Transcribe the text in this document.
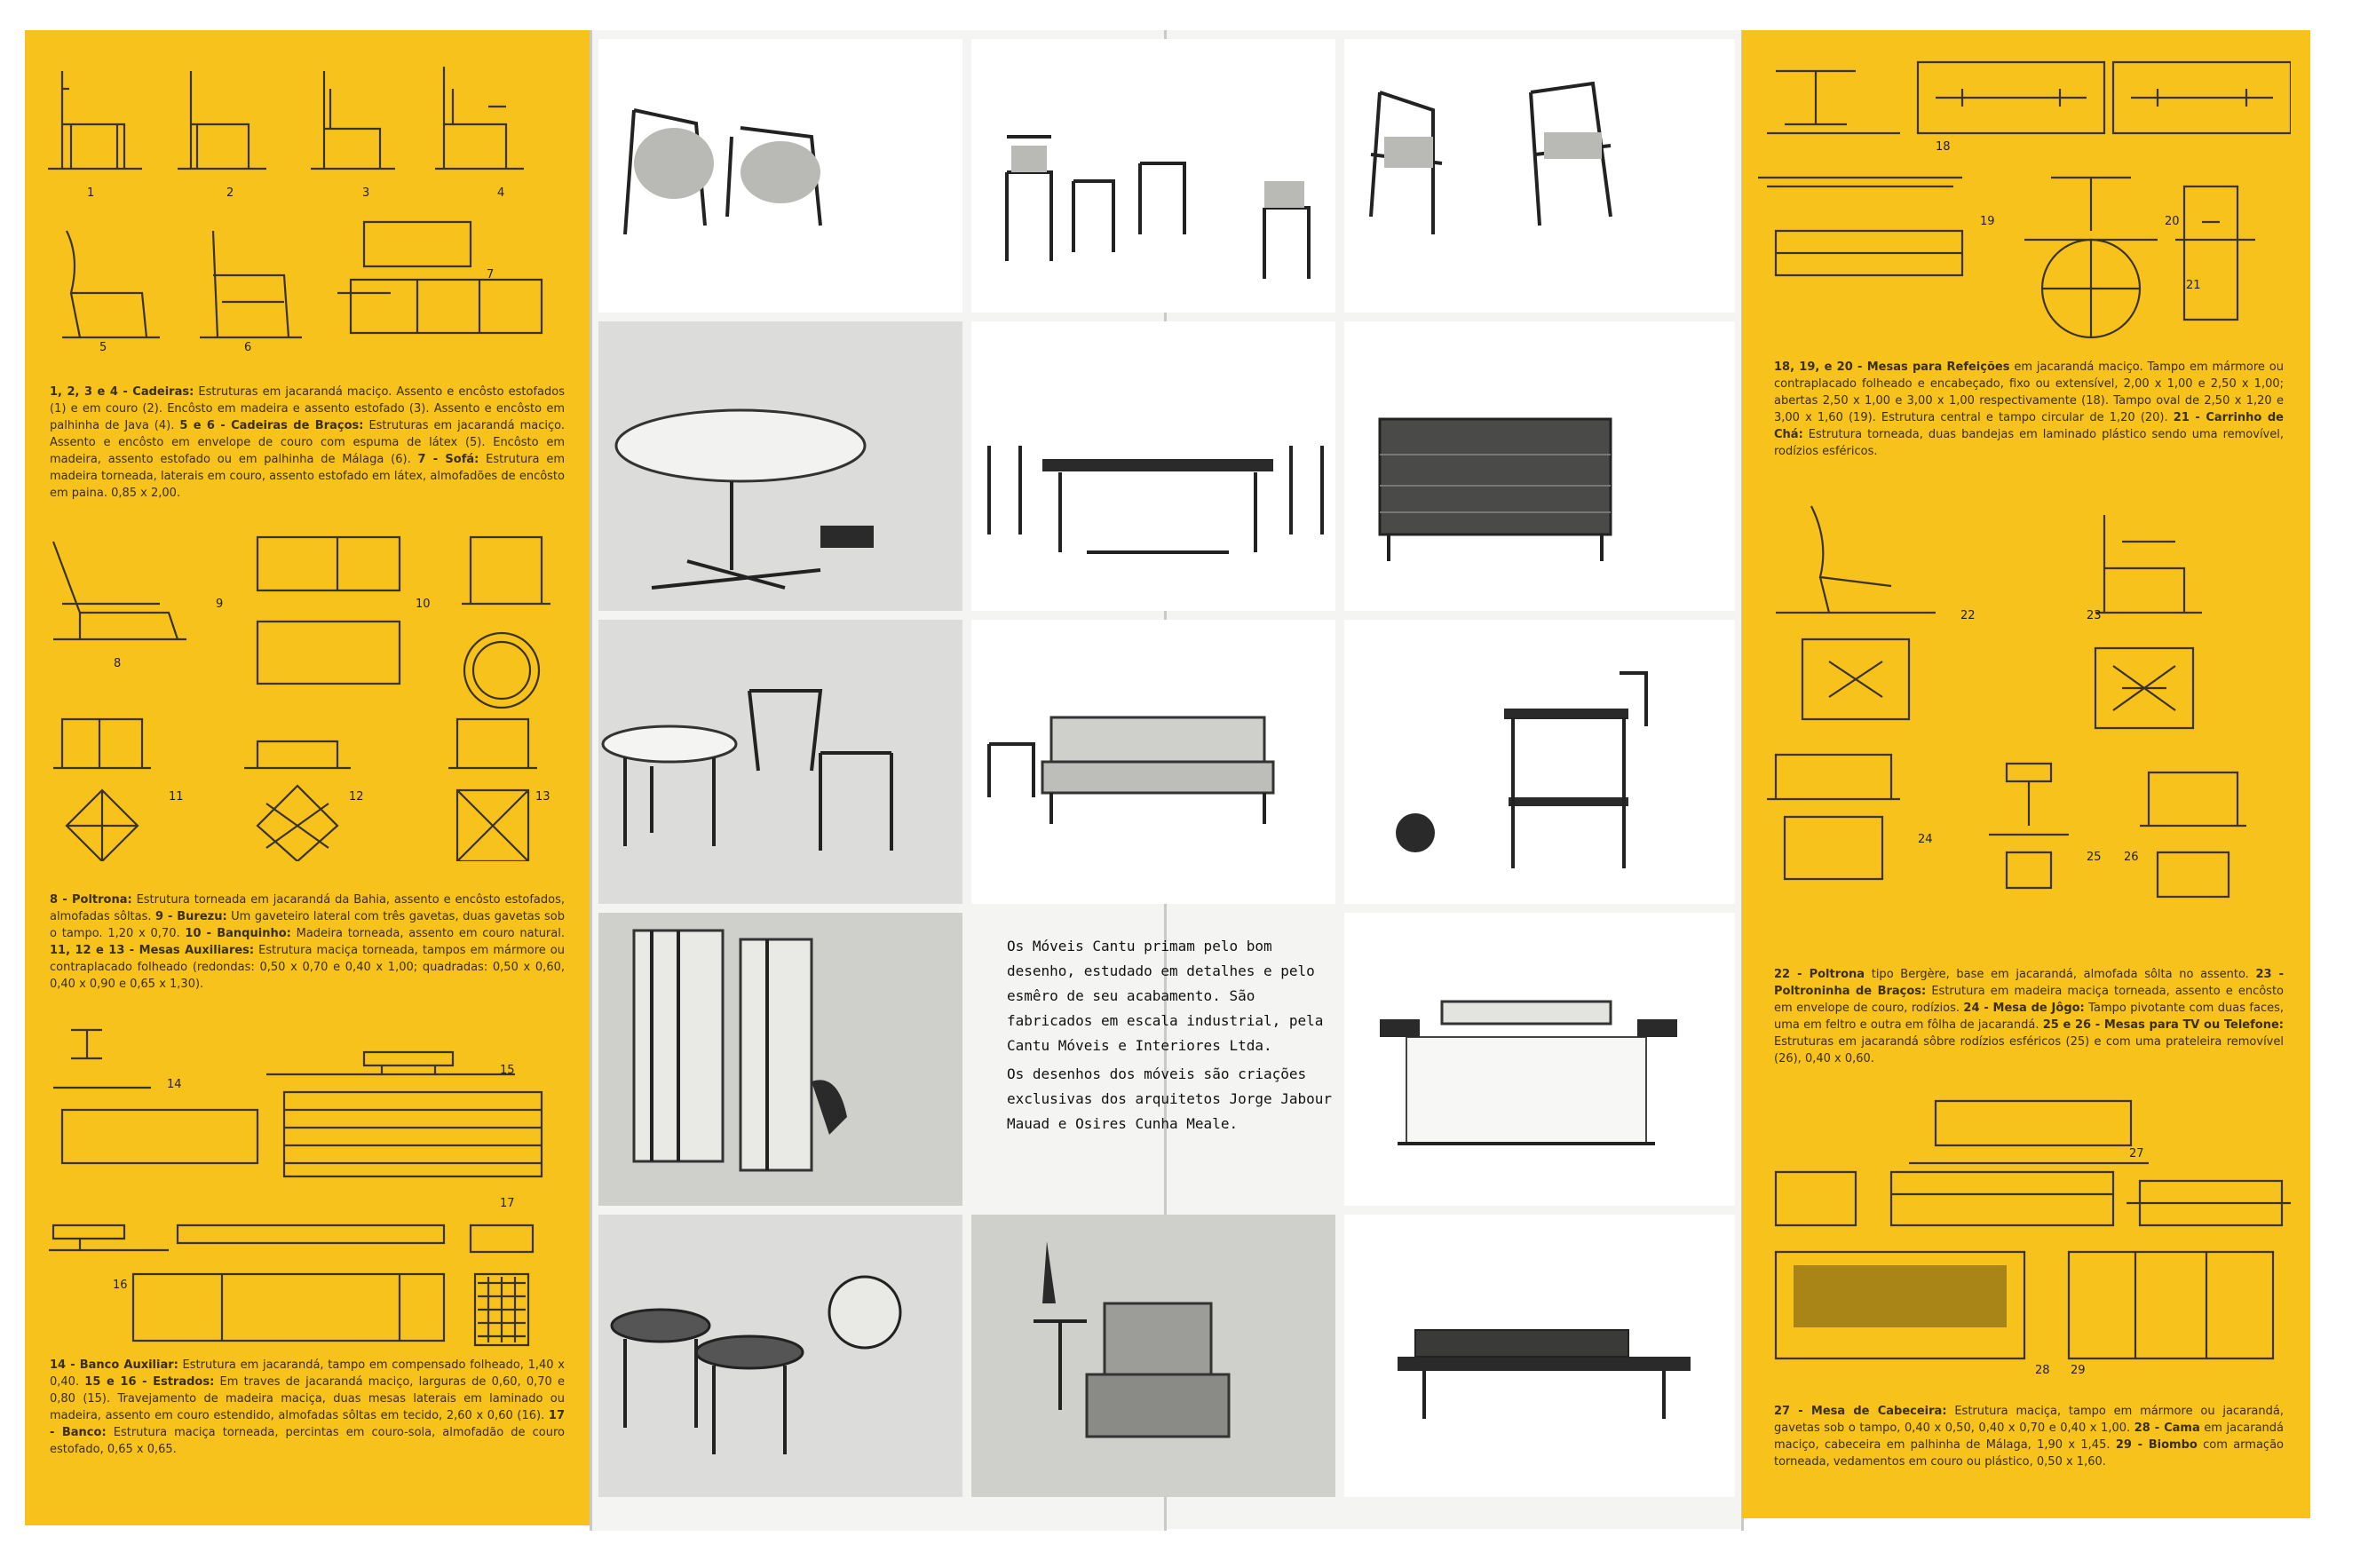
1	2	3	4
5	6
7
1, 2, 3 e 4 - Cadeiras: Estruturas em jacarandá maciço. Assento e encôsto estofados (1) e em couro (2). Encôsto em madeira e assento estofado (3). Assento e encôsto em palhinha de Java (4). 5 e 6 - Cadeiras de Braços: Estruturas em jacarandá maciço. Assento e encôsto em envelope de couro com espuma de látex (5). Encôsto em madeira, assento estofado ou em palhinha de Málaga (6). 7 - Sofá: Estrutura em madeira torneada, laterais em couro, assento estofado em látex, almofadões de encôsto em paina. 0,85 x 2,00.
8
9	10
11	12	13
8 - Poltrona: Estrutura torneada em jacarandá da Bahia, assento e encôsto estofados, almofadas sôltas. 9 - Burezu: Um gaveteiro lateral com três gavetas, duas gavetas sob o tampo. 1,20 x 0,70. 10 - Banquinho: Madeira torneada, assento em couro natural. 11, 12 e 13 - Mesas Auxiliares: Estrutura maciça torneada, tampos em mármore ou contraplacado folheado (redondas: 0,50 x 0,70 e 0,40 x 1,00; quadradas: 0,50 x 0,60, 0,40 x 0,90 e 0,65 x 1,30).
14
15
16
17
14 - Banco Auxiliar: Estrutura em jacarandá, tampo em compensado folheado, 1,40 x 0,40. 15 e 16 - Estrados: Em traves de jacarandá maciço, larguras de 0,60, 0,70 e 0,80 (15). Travejamento de madeira maciça, duas mesas laterais em laminado ou madeira, assento em couro estendido, almofadas sôltas em tecido, 2,60 x 0,60 (16). 17 - Banco: Estrutura maciça torneada, percintas em couro-sola, almofadão de couro estofado, 0,65 x 0,65.

Os Móveis Cantu primam pelo bom desenho, estudado em detalhes e pelo esmêro de seu acabamento. São fabricados em escala industrial, pela Cantu Móveis e Interiores Ltda.

Os desenhos dos móveis são criações exclusivas dos arquitetos Jorge Jabour Mauad e Osires Cunha Meale.

18
19	20
21
18, 19, e 20 - Mesas para Refeições em jacarandá maciço. Tampo em mármore ou contraplacado folheado e encabeçado, fixo ou extensível, 2,00 x 1,00 e 2,50 x 1,00; abertas 2,50 x 1,00 e 3,00 x 1,00 respectivamente (18). Tampo oval de 2,50 x 1,20 e 3,00 x 1,60 (19). Estrutura central e tampo circular de 1,20 (20). 21 - Carrinho de Chá: Estrutura torneada, duas bandejas em laminado plástico sendo uma removível, rodízios esféricos.
22	23
24
25 26
22 - Poltrona tipo Bergère, base em jacarandá, almofada sôlta no assento. 23 - Poltroninha de Braços: Estrutura em madeira maciça torneada, assento e encôsto em envelope de couro, rodízios. 24 - Mesa de Jôgo: Tampo pivotante com duas faces, uma em feltro e outra em fôlha de jacarandá. 25 e 26 - Mesas para TV ou Telefone: Estruturas em jacarandá sôbre rodízios esféricos (25) e com uma prateleira removível (26), 0,40 x 0,60.
27
28 29
27 - Mesa de Cabeceira: Estrutura maciça, tampo em mármore ou jacarandá, gavetas sob o tampo, 0,40 x 0,50, 0,40 x 0,70 e 0,40 x 1,00. 28 - Cama em jacarandá maciço, cabeceira em palhinha de Málaga, 1,90 x 1,45. 29 - Biombo com armação torneada, vedamentos em couro ou plástico, 0,50 x 1,60.
